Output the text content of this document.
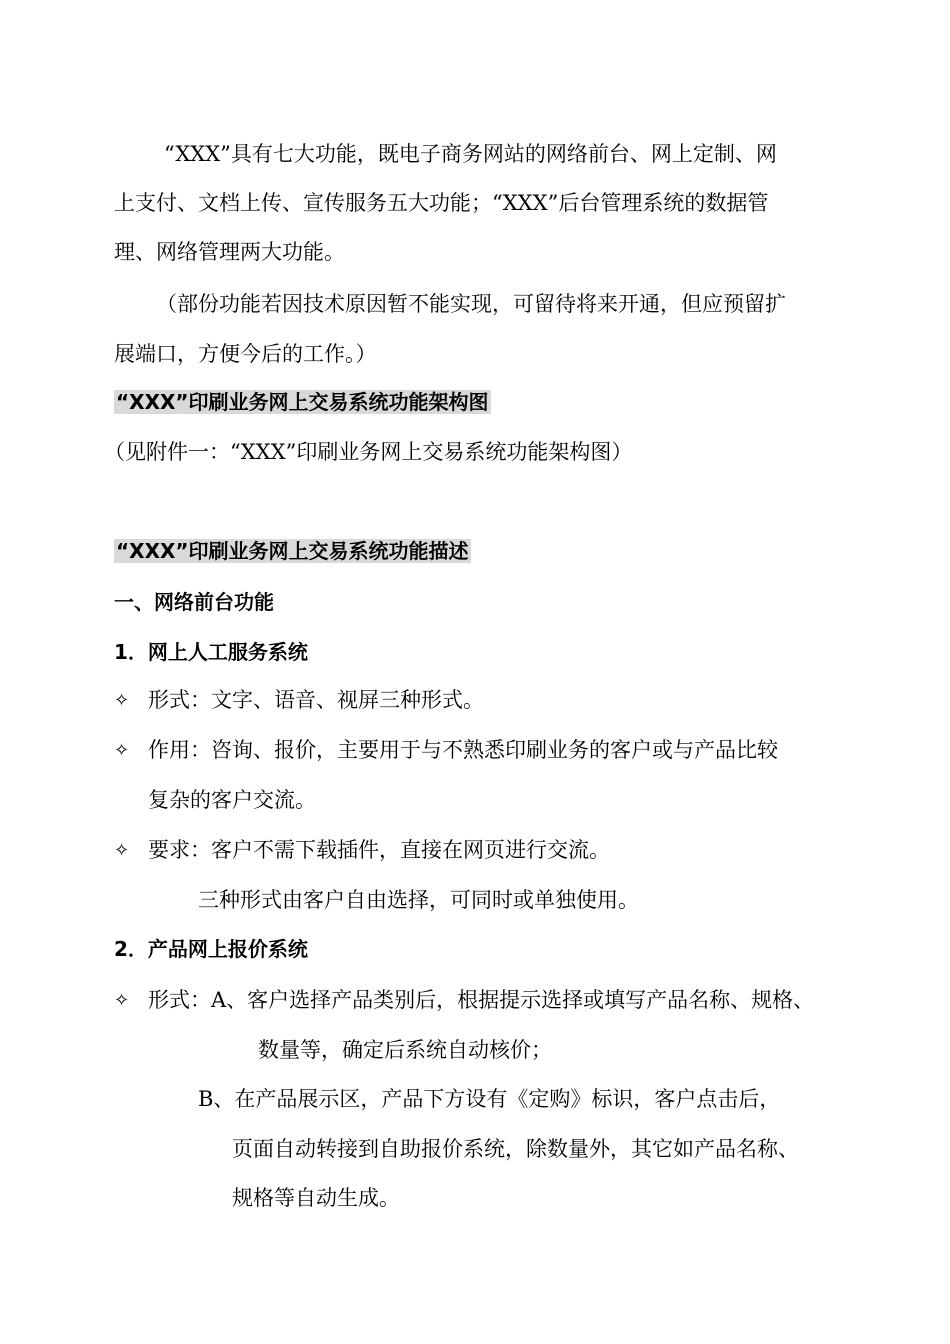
“XXX”具有七大功能，既电子商务网站的网络前台、网上定制、网
上支付、文档上传、宣传服务五大功能；“XXX”后台管理系统的数据管
理、网络管理两大功能。
（部份功能若因技术原因暂不能实现，可留待将来开通，但应预留扩
展端口，方便今后的工作。）
“XXX”印刷业务网上交易系统功能架构图
（见附件一：“XXX”印刷业务网上交易系统功能架构图）
“XXX”印刷业务网上交易系统功能描述
一、网络前台功能
1．网上人工服务系统
✧ 形式：文字、语音、视屏三种形式。
✧ 作用：咨询、报价，主要用于与不熟悉印刷业务的客户或与产品比较
复杂的客户交流。
✧ 要求：客户不需下载插件，直接在网页进行交流。
三种形式由客户自由选择，可同时或单独使用。
2．产品网上报价系统
✧ 形式：A、客户选择产品类别后，根据提示选择或填写产品名称、规格、
数量等，确定后系统自动核价；
B、在产品展示区，产品下方设有《定购》标识，客户点击后，
页面自动转接到自助报价系统，除数量外，其它如产品名称、
规格等自动生成。
